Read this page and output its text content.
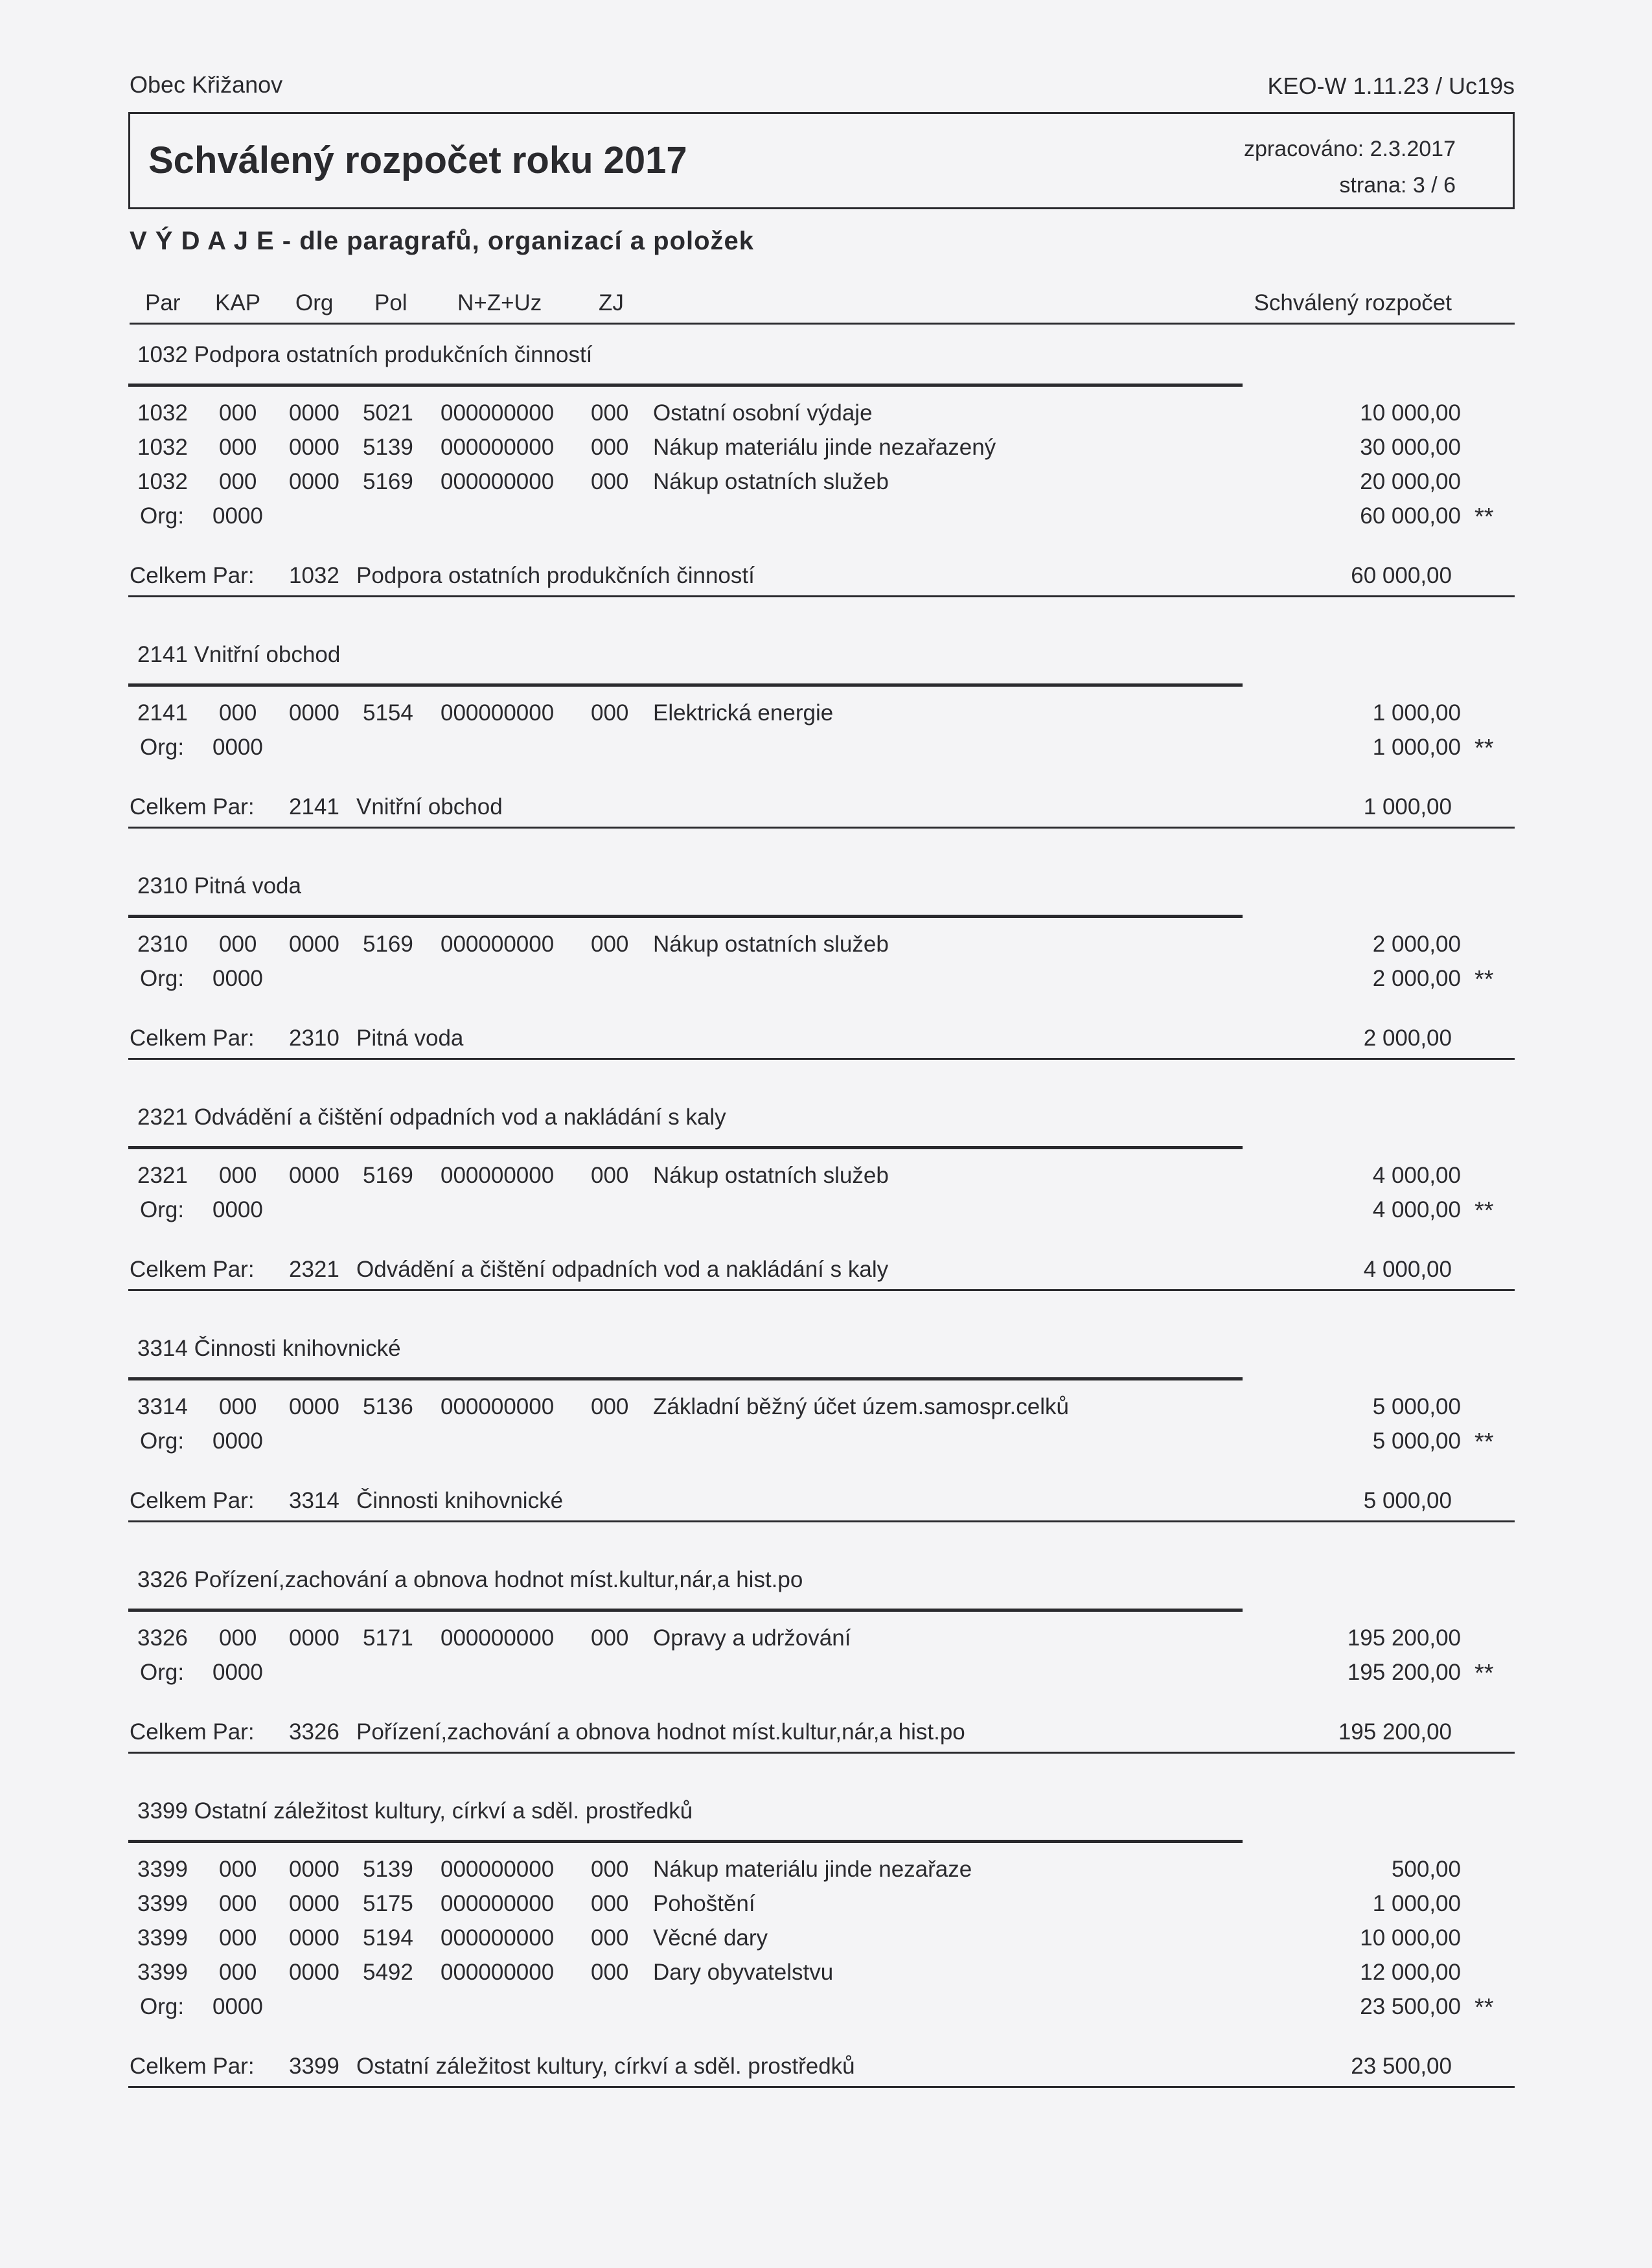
Obec Křižanov	KEO-W 1.11.23 / Uc19s
Schválený rozpočet roku 2017	zpracováno: 2.3.2017
strana: 3 / 6
V Ý D A J E - dle paragrafů, organizací a položek
Par KAP Org Pol N+Z+Uz	ZJ	Schválený rozpočet
1032 Podpora ostatních produkčních činností
1032 000 0000 5021 000000000 000 Ostatní osobní výdaje	10 000,00
1032 000 0000 5139 000000000 000 Nákup materiálu jinde nezařazený	30 000,00
1032 000 0000 5169 000000000 000 Nákup ostatních služeb	20 000,00
Org: 0000	60 000,00 **
Celkem Par: 1032 Podpora ostatních produkčních činností	60 000,00
2141 Vnitřní obchod
2141 000 0000 5154 000000000 000 Elektrická energie	1 000,00
Org: 0000	1 000,00 **
Celkem Par: 2141 Vnitřní obchod	1 000,00
2310 Pitná voda
2310 000 0000 5169 000000000 000 Nákup ostatních služeb	2 000,00
Org: 0000	2 000,00 **
Celkem Par: 2310 Pitná voda	2 000,00
2321 Odvádění a čištění odpadních vod a nakládání s kaly
2321 000 0000 5169 000000000 000 Nákup ostatních služeb	4 000,00
Org: 0000	4 000,00 **
Celkem Par: 2321 Odvádění a čištění odpadních vod a nakládání s kaly	4 000,00
3314 Činnosti knihovnické
3314 000 0000 5136 000000000 000 Základní běžný účet územ.samospr.celků	5 000,00
Org: 0000	5 000,00 **
Celkem Par: 3314 Činnosti knihovnické	5 000,00
3326 Pořízení,zachování a obnova hodnot míst.kultur,nár,a hist.po
3326 000 0000 5171 000000000 000 Opravy a udržování	195 200,00
Org: 0000	195 200,00 **
Celkem Par: 3326 Pořízení,zachování a obnova hodnot míst.kultur,nár,a hist.po	195 200,00
3399 Ostatní záležitost kultury, církví a sděl. prostředků
3399 000 0000 5139 000000000 000 Nákup materiálu jinde nezařaze	500,00
3399 000 0000 5175 000000000 000 Pohoštění	1 000,00
3399 000 0000 5194 000000000 000 Věcné dary	10 000,00
3399 000 0000 5492 000000000 000 Dary obyvatelstvu	12 000,00
Org: 0000	23 500,00 **
Celkem Par: 3399 Ostatní záležitost kultury, církví a sděl. prostředků	23 500,00
